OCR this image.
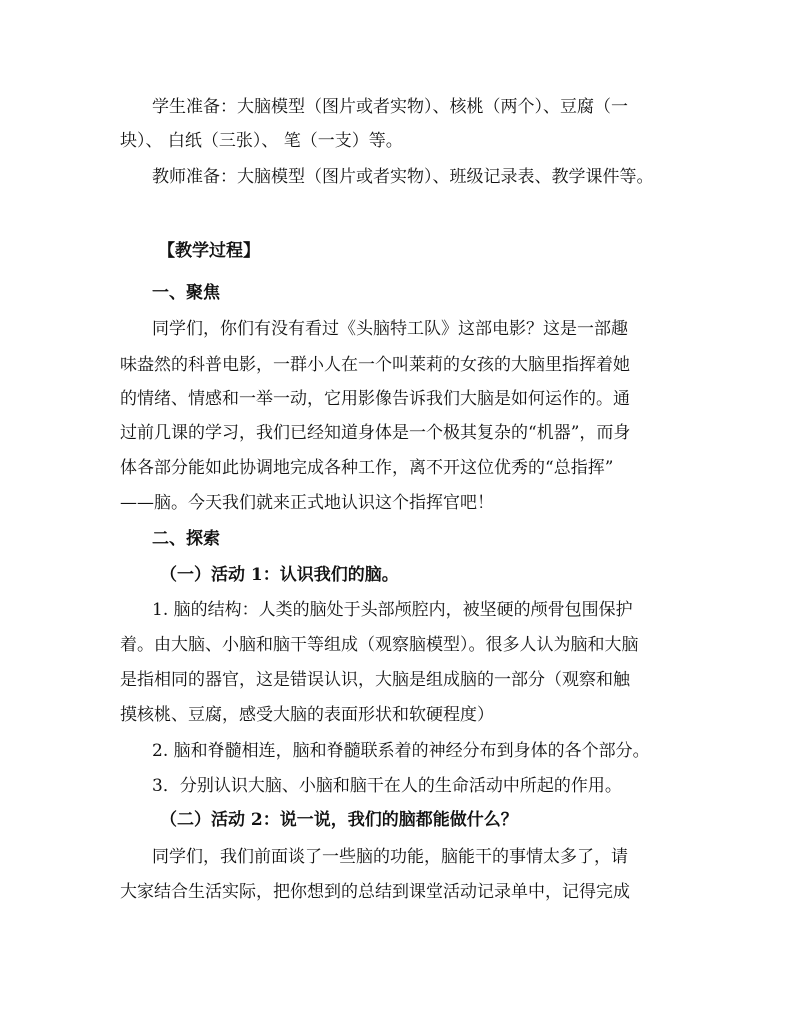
学生准备：大脑模型（图片或者实物）、核桃（两个）、豆腐（一
块）、 白纸（三张）、 笔（一支）等。
教师准备：大脑模型（图片或者实物）、班级记录表、教学课件等。
【教学过程】
一、聚焦
同学们，你们有没有看过《头脑特工队》这部电影？这是一部趣
味盎然的科普电影，一群小人在一个叫莱莉的女孩的大脑里指挥着她
的情绪、情感和一举一动，它用影像告诉我们大脑是如何运作的。通
过前几课的学习，我们已经知道身体是一个极其复杂的“机器”，而身
体各部分能如此协调地完成各种工作，离不开这位优秀的“总指挥”
——脑。今天我们就来正式地认识这个指挥官吧！
二、探索
（一）活动 1：认识我们的脑。
1. 脑的结构：人类的脑处于头部颅腔内，被坚硬的颅骨包围保护
着。由大脑、小脑和脑干等组成（观察脑模型）。很多人认为脑和大脑
是指相同的器官，这是错误认识，大脑是组成脑的一部分（观察和触
摸核桃、豆腐，感受大脑的表面形状和软硬程度）
2. 脑和脊髓相连，脑和脊髓联系着的神经分布到身体的各个部分。
3．分别认识大脑、小脑和脑干在人的生命活动中所起的作用。
（二）活动 2：说一说，我们的脑都能做什么？
同学们，我们前面谈了一些脑的功能，脑能干的事情太多了，请
大家结合生活实际，把你想到的总结到课堂活动记录单中，记得完成
